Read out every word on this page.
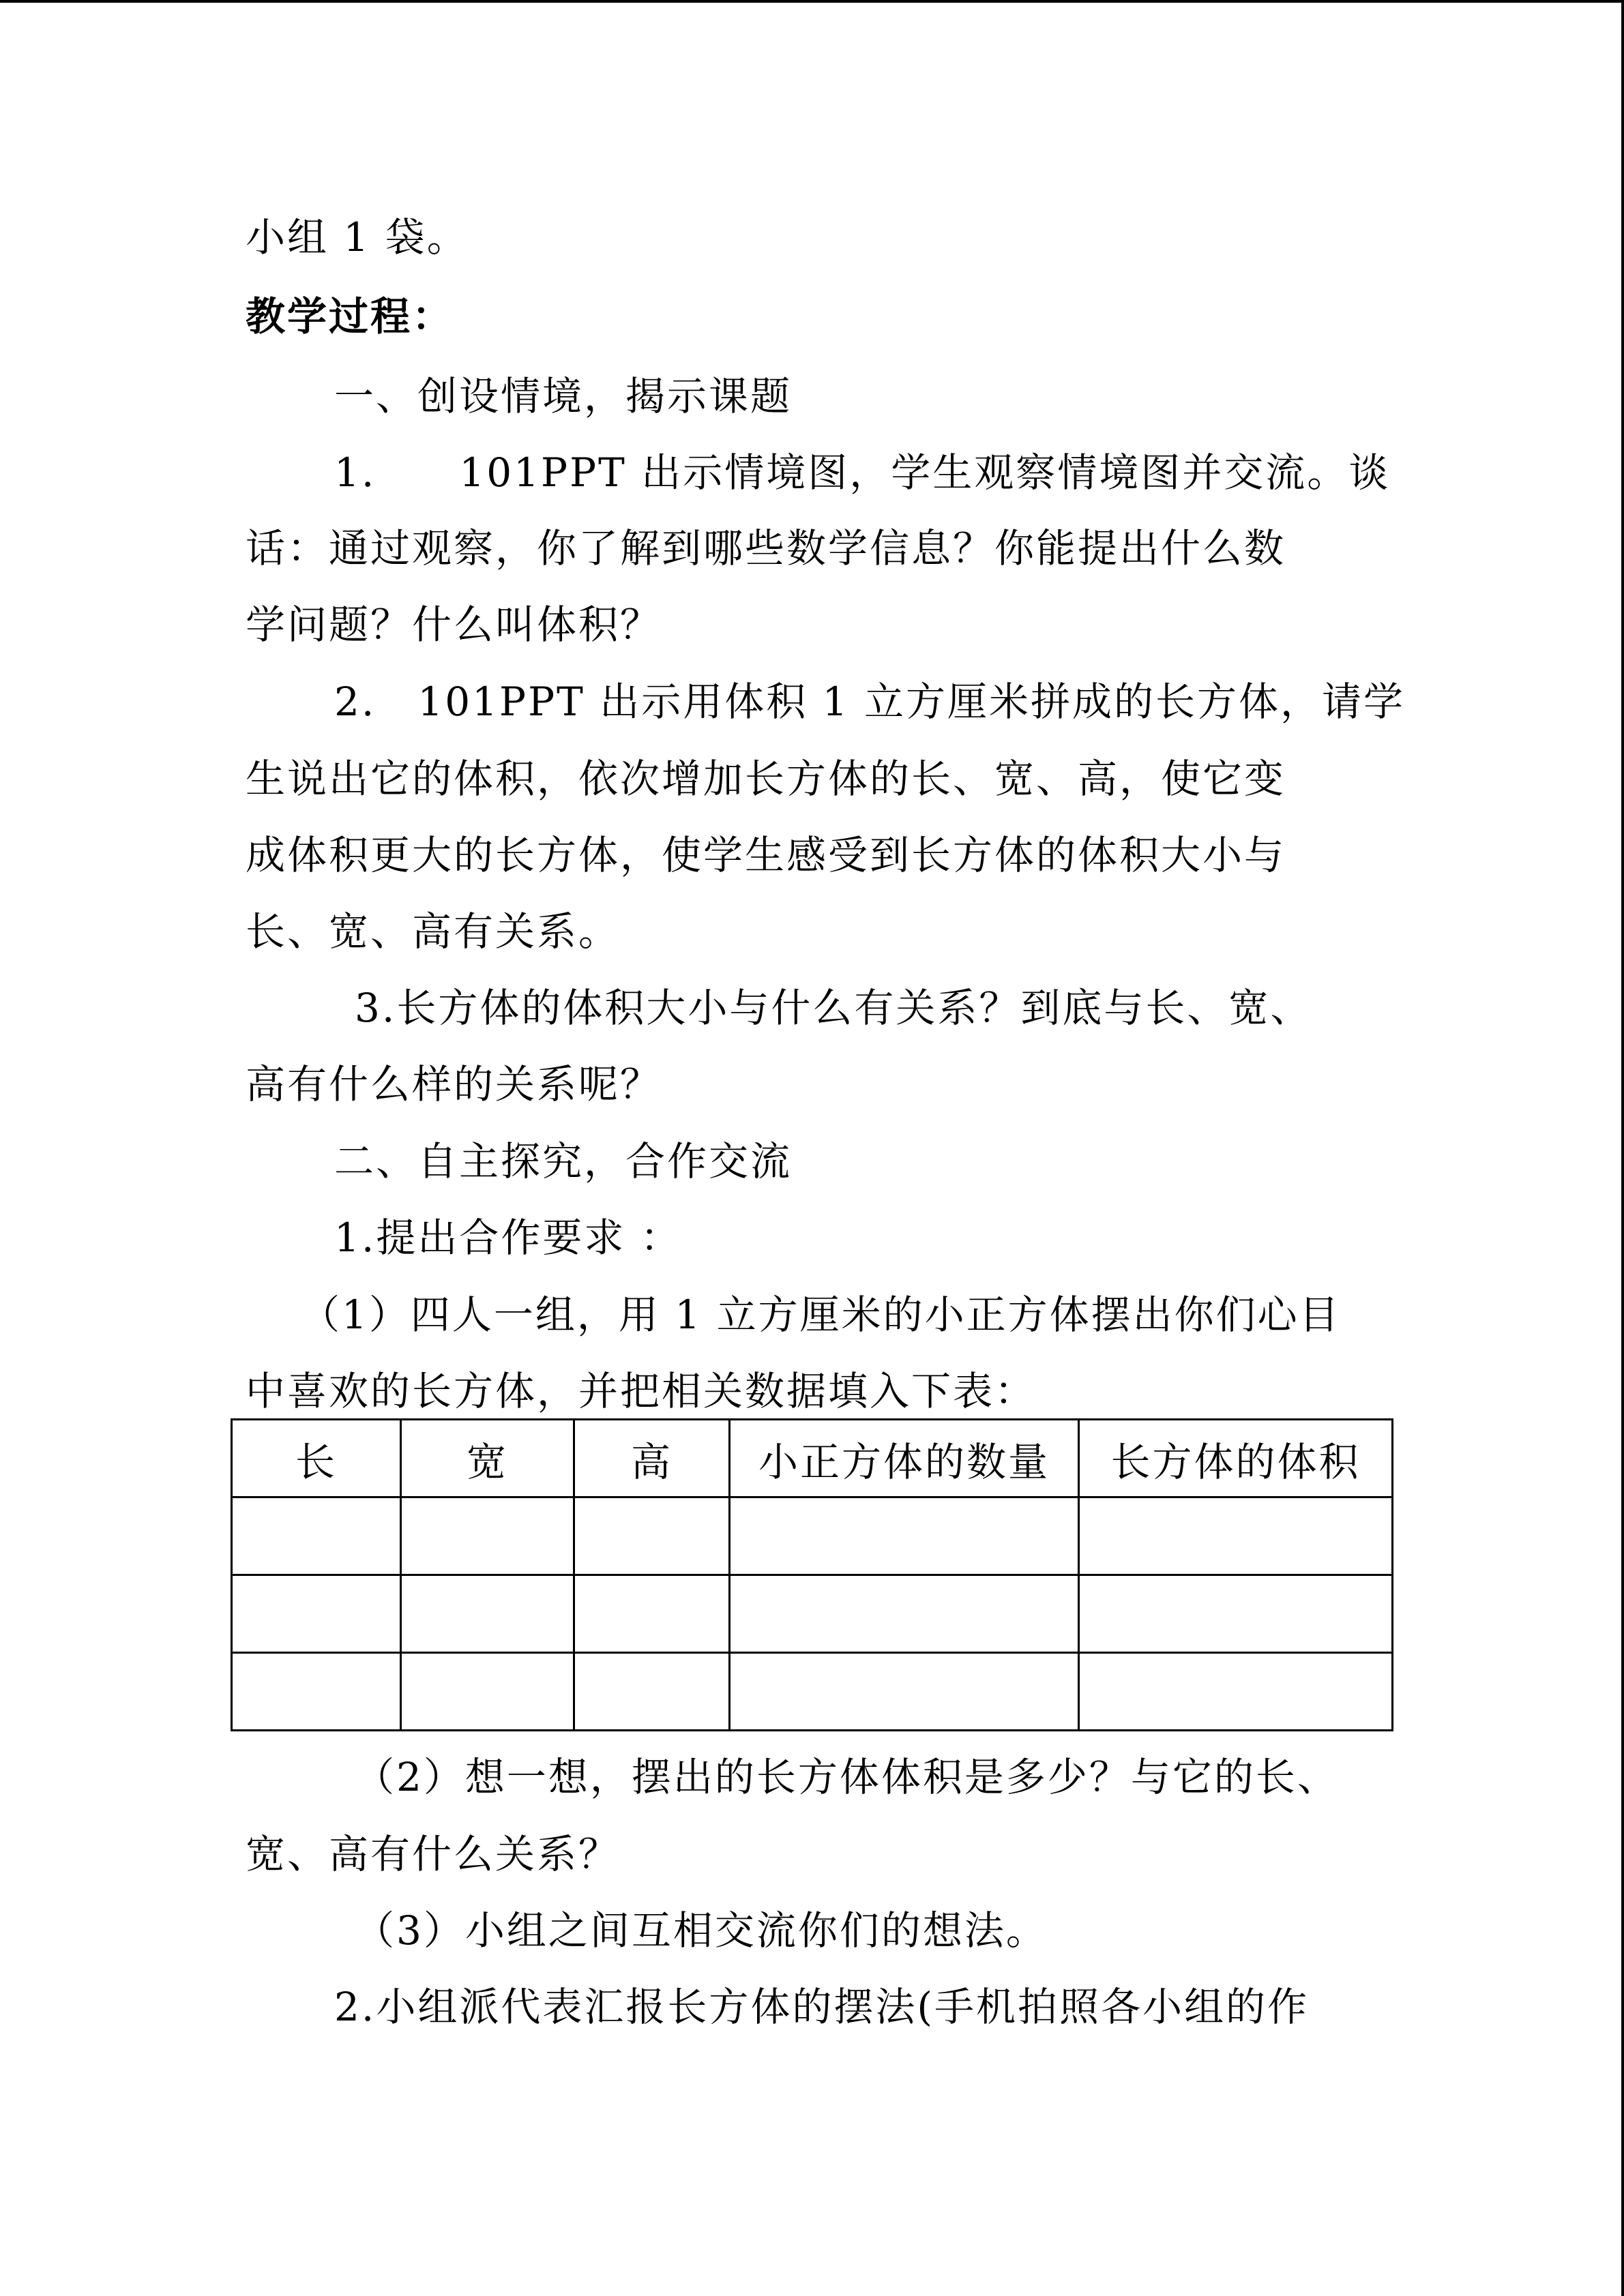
小组 1 袋。
教学过程：
一、创设情境，揭示课题
1.　　101PPT 出示情境图，学生观察情境图并交流。谈
话：通过观察，你了解到哪些数学信息？你能提出什么数
学问题？什么叫体积？
2.　101PPT 出示用体积 1 立方厘米拼成的长方体，请学
生说出它的体积，依次增加长方体的长、宽、高，使它变
成体积更大的长方体，使学生感受到长方体的体积大小与
长、宽、高有关系。
3.长方体的体积大小与什么有关系？到底与长、宽、
高有什么样的关系呢？
二、自主探究，合作交流
1.提出合作要求 ：
（1）四人一组，用 1 立方厘米的小正方体摆出你们心目
中喜欢的长方体，并把相关数据填入下表：
长	宽	高	小正方体的数量	长方体的体积

（2）想一想，摆出的长方体体积是多少？与它的长、
宽、高有什么关系？
（3）小组之间互相交流你们的想法。
2.小组派代表汇报长方体的摆法(手机拍照各小组的作
